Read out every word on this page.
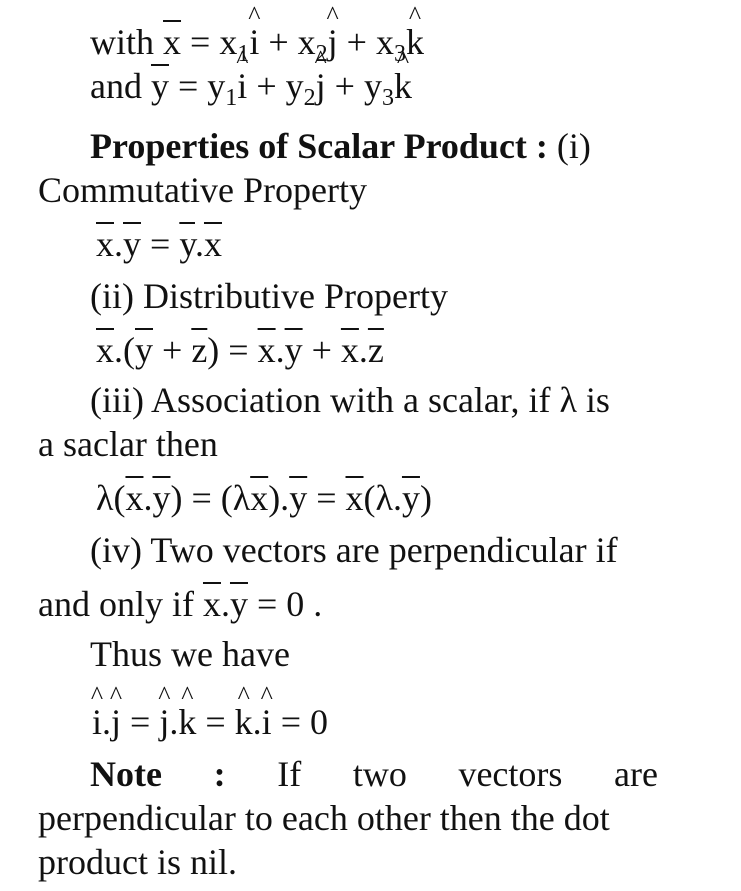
with $\overline{x}$ = $x_1\^{}$ $i + x_2\^{}$ $j + x_3\^{}$ k
and $\overline{y}$ = $y_1\^{}$ $i + y_2\^{}$ $j + y_3\^{}$ k
Properties of Scalar Product : (i)
Commutative Property
$\overline{x}.\overline{y} = \overline{y}.\overline{x}$
(ii) Distributive Property
$\overline{x}.(\overline{y} + \overline{z}) = \overline{x}.\overline{y} + \overline{x}.\overline{z}$
(iii) Association with a scalar, if λ is
a saclar then
$\lambda(\overline{x}.\overline{y}) = (\lambda\overline{x}).\overline{y} = \overline{x}(\lambda.\overline{y})$
(iv) Two vectors are perpendicular if
and only if $\overline{x}.\overline{y} = 0$ .
Thus we have
^ i.^ j = ^ j.^ k = ^ k.^ i = 0
Note : If two vectors are
perpendicular to each other then the dot
product is nil.
